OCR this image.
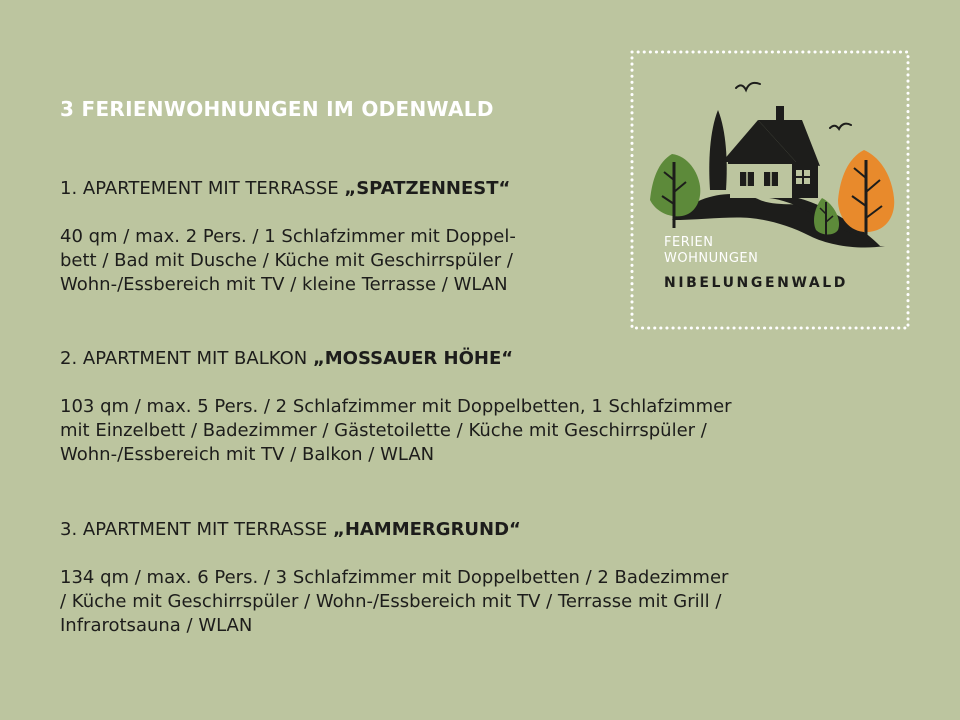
3 FERIENWOHNUNGEN IM ODENWALD
1. APARTEMENT MIT TERRASSE „SPATZENNEST“
40 qm / max. 2 Pers. / 1 Schlafzimmer mit Doppel-
bett / Bad mit Dusche / Küche mit Geschirrspüler /
Wohn-/Essbereich mit TV / kleine Terrasse / WLAN
2. APARTMENT MIT BALKON „MOSSAUER HÖHE“
103 qm / max. 5 Pers. / 2 Schlafzimmer mit Doppelbetten, 1 Schlafzimmer
mit Einzelbett / Badezimmer / Gästetoilette / Küche mit Geschirrspüler /
Wohn-/Essbereich mit TV / Balkon / WLAN
3. APARTMENT MIT TERRASSE „HAMMERGRUND“
134 qm / max. 6 Pers. / 3 Schlafzimmer mit Doppelbetten / 2 Badezimmer
/ Küche mit Geschirrspüler / Wohn-/Essbereich mit TV / Terrasse mit Grill /
Infrarotsauna / WLAN
FERIEN
WOHNUNGEN
NIBELUNGENWALD
